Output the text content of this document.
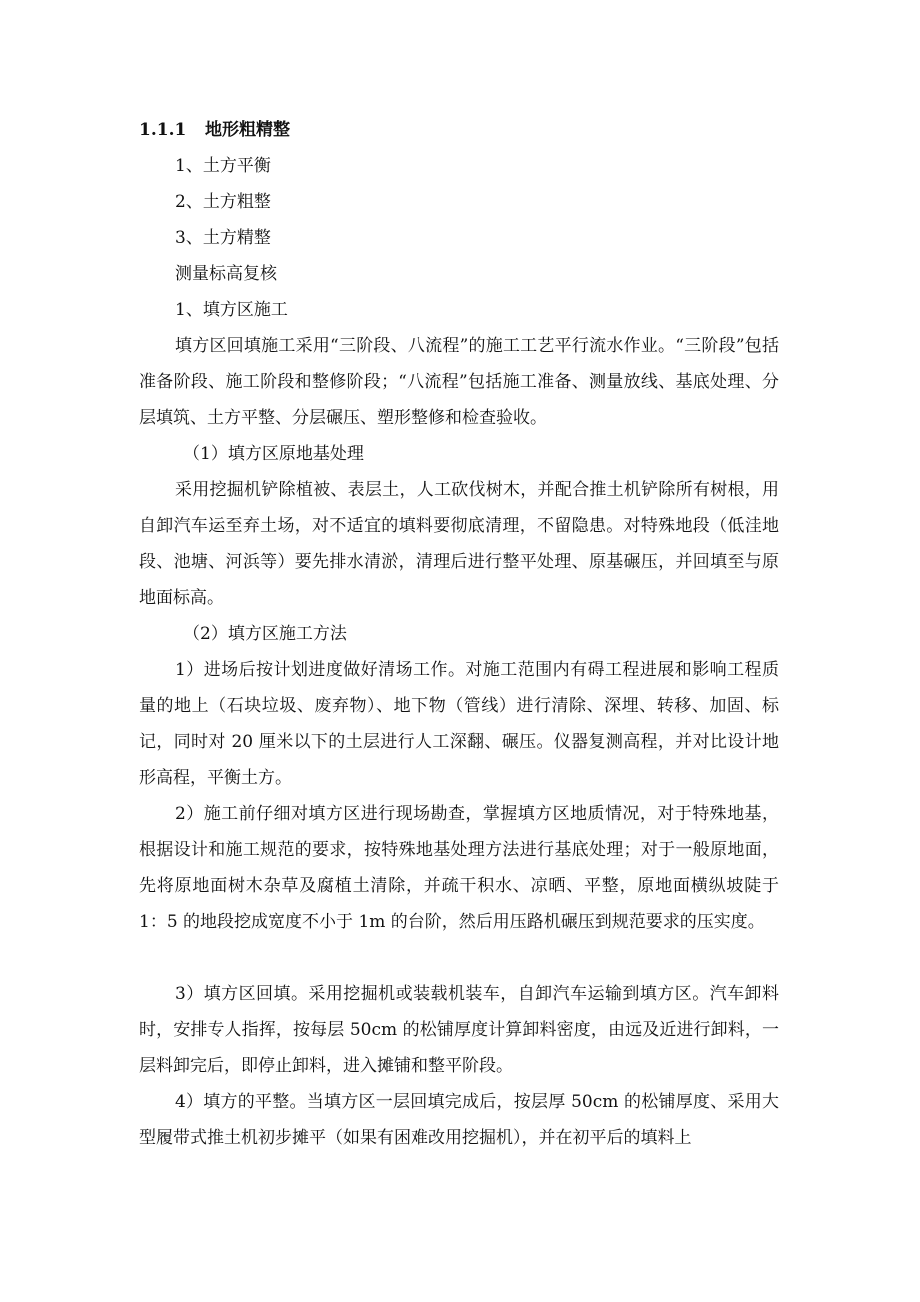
1.1.1 地形粗精整
1、土方平衡
2、土方粗整
3、土方精整
测量标高复核
1、填方区施工

填方区回填施工采用“三阶段、八流程”的施工工艺平行流水作业。“三阶段”包括准备阶段、施工阶段和整修阶段；“八流程”包括施工准备、测量放线、基底处理、分层填筑、土方平整、分层碾压、塑形整修和检查验收。

（1）填方区原地基处理

采用挖掘机铲除植被、表层土，人工砍伐树木，并配合推土机铲除所有树根，用自卸汽车运至弃土场，对不适宜的填料要彻底清理，不留隐患。对特殊地段（低洼地段、池塘、河浜等）要先排水清淤，清理后进行整平处理、原基碾压，并回填至与原地面标高。

（2）填方区施工方法

1）进场后按计划进度做好清场工作。对施工范围内有碍工程进展和影响工程质量的地上（石块垃圾、废弃物）、地下物（管线）进行清除、深埋、转移、加固、标记，同时对 20 厘米以下的土层进行人工深翻、碾压。仪器复测高程，并对比设计地形高程，平衡土方。

2）施工前仔细对填方区进行现场勘查，掌握填方区地质情况，对于特殊地基，根据设计和施工规范的要求，按特殊地基处理方法进行基底处理；对于一般原地面，先将原地面树木杂草及腐植土清除，并疏干积水、凉晒、平整，原地面横纵坡陡于 1：5 的地段挖成宽度不小于 1m 的台阶，然后用压路机碾压到规范要求的压实度。

3）填方区回填。采用挖掘机或装载机装车，自卸汽车运输到填方区。汽车卸料时，安排专人指挥，按每层 50cm 的松铺厚度计算卸料密度，由远及近进行卸料，一层料卸完后，即停止卸料，进入摊铺和整平阶段。

4）填方的平整。当填方区一层回填完成后，按层厚 50cm 的松铺厚度、采用大型履带式推土机初步摊平（如果有困难改用挖掘机），并在初平后的填料上
